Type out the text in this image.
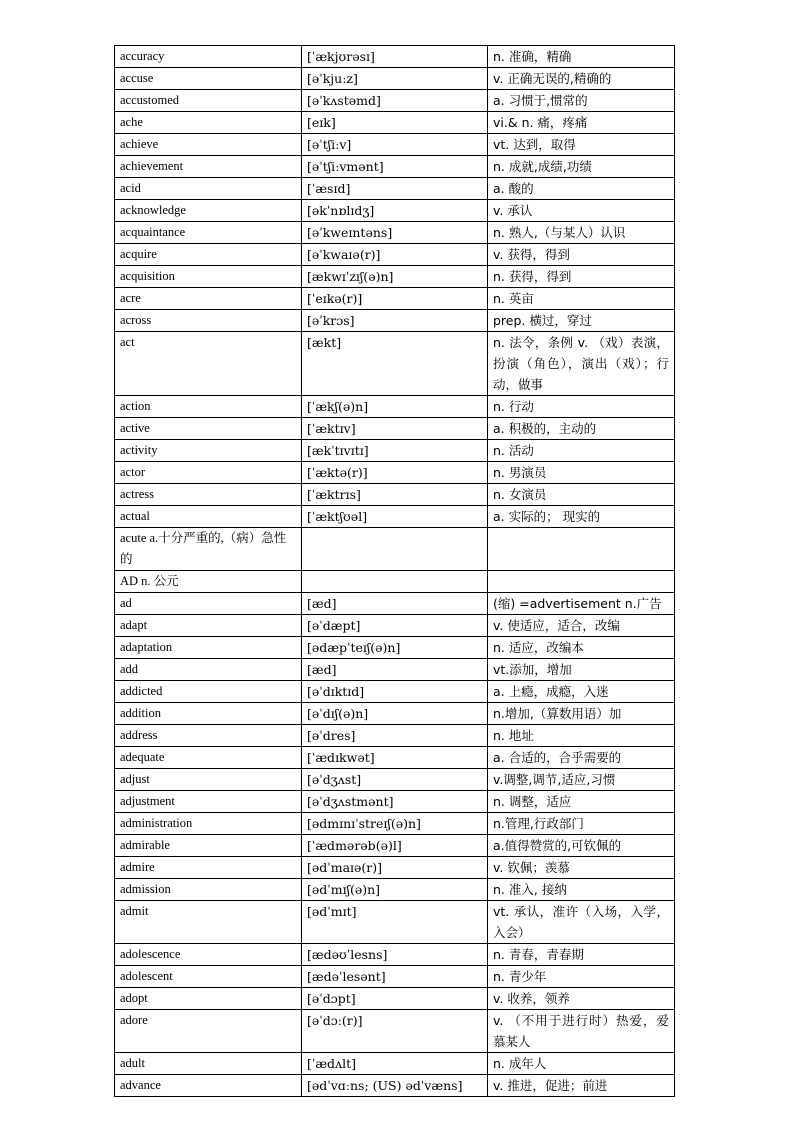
accuracy	[ˈækjʊrəsɪ]	n. 准确，精确
accuse	[əˈkjuːz]	v. 正确无误的,精确的
accustomed	[əˈkʌstəmd]	a. 习惯于,惯常的
ache	[eɪk]	vi.& n. 痛，疼痛
achieve	[əˈtʃiːv]	vt. 达到，取得
achievement	[əˈtʃiːvmənt]	n. 成就,成绩,功绩
acid	[ˈæsɪd]	a. 酸的
acknowledge	[əkˈnɒlɪdʒ]	v. 承认
acquaintance	[əˈkweɪntəns]	n. 熟人,（与某人）认识
acquire	[əˈkwaɪə(r)]	v. 获得，得到
acquisition	[ækwɪˈzɪʃ(ə)n]	n. 获得，得到
acre	[ˈeɪkə(r)]	n. 英亩
across	[əˈkrɔs]	prep. 横过，穿过
act	[ækt]	n. 法令，条例 v. （戏）表演，扮演（角色），演出（戏）；行动，做事
action	[ˈækʃ(ə)n]	n. 行动
active	[ˈæktɪv]	a. 积极的，主动的
activity	[ækˈtɪvɪtɪ]	n. 活动
actor	[ˈæktə(r)]	n. 男演员
actress	[ˈæktrɪs]	n. 女演员
actual	[ˈæktʃʊəl]	a. 实际的； 现实的
acute a.十分严重的,（病）急性的		
AD n. 公元		
ad	[æd]	(缩) =advertisement n.广告
adapt	[əˈdæpt]	v. 使适应，适合，改编
adaptation	[ədæpˈteɪʃ(ə)n]	n. 适应，改编本
add	[æd]	vt.添加，增加
addicted	[əˈdɪktɪd]	a. 上瘾，成瘾，入迷
addition	[əˈdɪʃ(ə)n]	n.增加,（算数用语）加
address	[əˈdres]	n. 地址
adequate	[ˈædɪkwət]	a. 合适的，合乎需要的
adjust	[əˈdʒʌst]	v.调整,调节,适应,习惯
adjustment	[əˈdʒʌstmənt]	n. 调整，适应
administration	[ədmɪnɪˈstreɪʃ(ə)n]	n.管理,行政部门
admirable	[ˈædmərəb(ə)l]	a.值得赞赏的,可钦佩的
admire	[ədˈmaɪə(r)]	v. 钦佩；羡慕
admission	[ədˈmɪʃ(ə)n]	n. 准入, 接纳
admit	[ədˈmɪt]	vt. 承认，准许（入场，入学，入会）
adolescence	[ædəʊˈlesns]	n. 青春，青春期
adolescent	[ædəˈlesənt]	n. 青少年
adopt	[əˈdɔpt]	v. 收养，领养
adore	[əˈdɔː(r)]	v. （不用于进行时）热爱，爱慕某人
adult	[ˈædʌlt]	n. 成年人
advance	[ədˈvɑːns; (US) ədˈvæns]	v. 推进，促进；前进
